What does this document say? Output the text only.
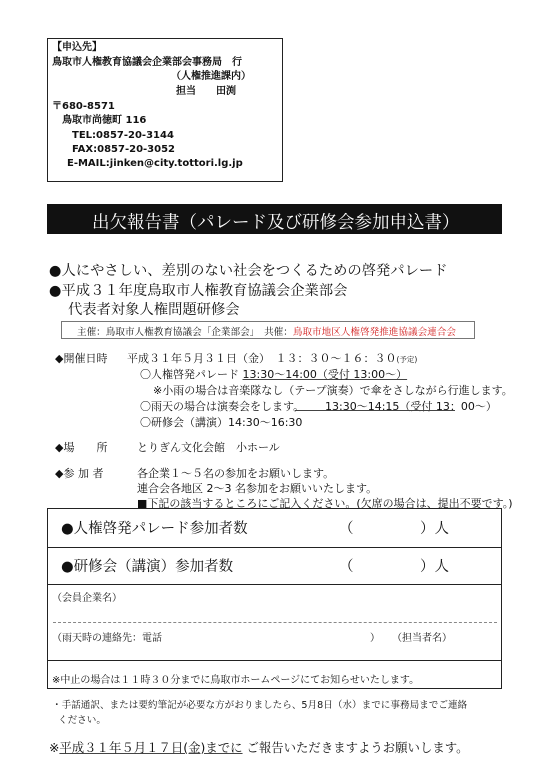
【申込先】
鳥取市人権教育協議会企業部会事務局　行
（人権推進課内）
担当　　田渕
〒680-8571
鳥取市尚徳町 116
TEL:0857-20-3144
FAX:0857-20-3052
E-MAIL:jinken@city.tottori.lg.jp
出欠報告書（パレード及び研修会参加申込書）
●人にやさしい、差別のない社会をつくるための啓発パレード
●平成３１年度鳥取市人権教育協議会企業部会
代表者対象人権問題研修会
主催：鳥取市人権教育協議会「企業部会」　共催：鳥取市地区人権啓発推進協議会連合会
◆開催日時 平成３１年５月３１日（金）　１３：３０～１６：３０(予定)
〇人権啓発パレード 13:30～14:00（受付 13:00～）
※小雨の場合は音楽隊なし（テープ演奏）で傘をさしながら行進します。
〇雨天の場合は演奏会をします。 13:30～14:15（受付 13：00～）
〇研修会（講演）14:30～16:30
◆場　　所	とりぎん文化会館　小ホール
◆参 加 者	各企業１～５名の参加をお願いします。
連合会各地区 2～3 名参加をお願いいたします。
■下記の該当するところにご記入ください。(欠席の場合は、提出不要です。)
●人権啓発パレード参加者数	（	）人
●研修会（講演）参加者数	（	）人
（会員企業名）
（雨天時の連絡先：電話	） （担当者名）
※中止の場合は１１時３０分までに鳥取市ホームページにてお知らせいたします。
・手話通訳、または要約筆記が必要な方がおりましたら、5月8日（水）までに事務局までご連絡
ください。
※平成３１年５月１７日(金)までに ご報告いただきますようお願いします。
